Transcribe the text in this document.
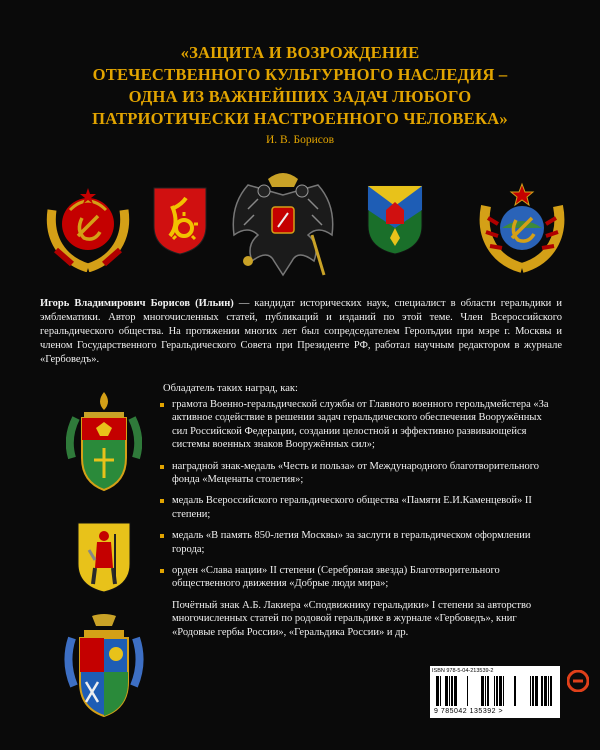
«ЗАЩИТА И ВОЗРОЖДЕНИЕ
ОТЕЧЕСТВЕННОГО КУЛЬТУРНОГО НАСЛЕДИЯ –
ОДНА ИЗ ВАЖНЕЙШИХ ЗАДАЧ ЛЮБОГО
ПАТРИОТИЧЕСКИ НАСТРОЕННОГО ЧЕЛОВЕКА»
И. В. Борисов
Игорь Владимирович Борисов (Ильин) — кандидат исторических наук, специалист в области геральдики и эмблематики. Автор многочисленных статей, публикаций и изданий по этой теме. Член Всероссийского геральдического общества. На протяжении многих лет был сопредседателем Геролъдии при мэре г. Москвы и членом Государственного Геральдического Совета при Президенте РФ, работал научным редактором в журнале «Гербоведъ».
Обладатель таких наград, как:
грамота Военно-геральдической службы от Главного военного герольдмейстера «За активное содействие в решении задач геральдического обеспечения Вооружённых сил Российской Федерации, создании целостной и эффективно развивающейся системы военных знаков Вооружённых сил»;
наградной знак-медаль «Честь и польза» от Международного благотворительного фонда «Меценаты столетия»;
медаль Всероссийского геральдического общества «Памяти Е.И.Каменцевой» II степени;
медаль «В память 850-летия Москвы» за заслуги в геральдическом оформлении города;
орден «Слава нации» II степени (Серебряная звезда) Благотворительного общественного движения «Добрые люди мира»;
Почётный знак А.Б. Лакиера «Сподвижнику геральдики» I степени за авторство многочисленных статей по родовой геральдике в журнале «Гербоведъ», книг «Родовые гербы России», «Геральдика России» и др.
ISBN 978-5-04-213539-2
9 785042 135392 >
